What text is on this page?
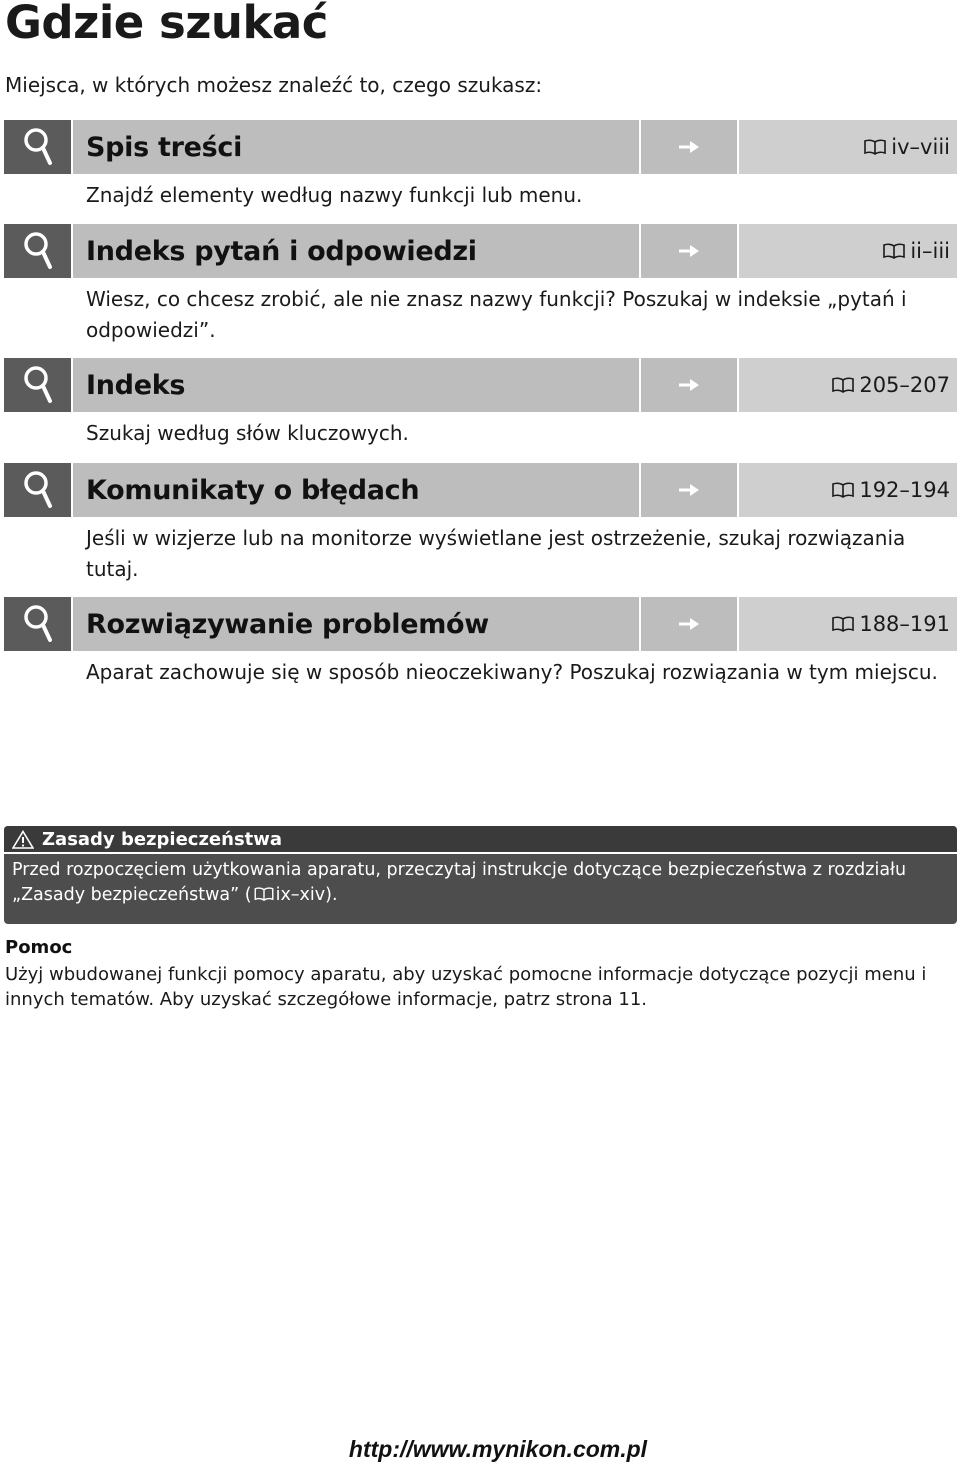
Gdzie szukać

Miejsca, w których możesz znaleźć to, czego szukasz:

Spis treści	iv–viii
Znajdź elementy według nazwy funkcji lub menu.
Indeks pytań i odpowiedzi	ii–iii
Wiesz, co chcesz zrobić, ale nie znasz nazwy funkcji? Poszukaj w indeksie „pytań i odpowiedzi”.
Indeks	205–207
Szukaj według słów kluczowych.
Komunikaty o błędach	192–194
Jeśli w wizjerze lub na monitorze wyświetlane jest ostrzeżenie, szukaj rozwiązania tutaj.
Rozwiązywanie problemów	188–191
Aparat zachowuje się w sposób nieoczekiwany? Poszukaj rozwiązania w tym miejscu.
Zasady bezpieczeństwa
Przed rozpoczęciem użytkowania aparatu, przeczytaj instrukcje dotyczące bezpieczeństwa z rozdziału „Zasady bezpieczeństwa” ( ix–xiv).

Pomoc

Użyj wbudowanej funkcji pomocy aparatu, aby uzyskać pomocne informacje dotyczące pozycji menu i innych tematów. Aby uzyskać szczegółowe informacje, patrz strona 11.

http://www.mynikon.com.pl
